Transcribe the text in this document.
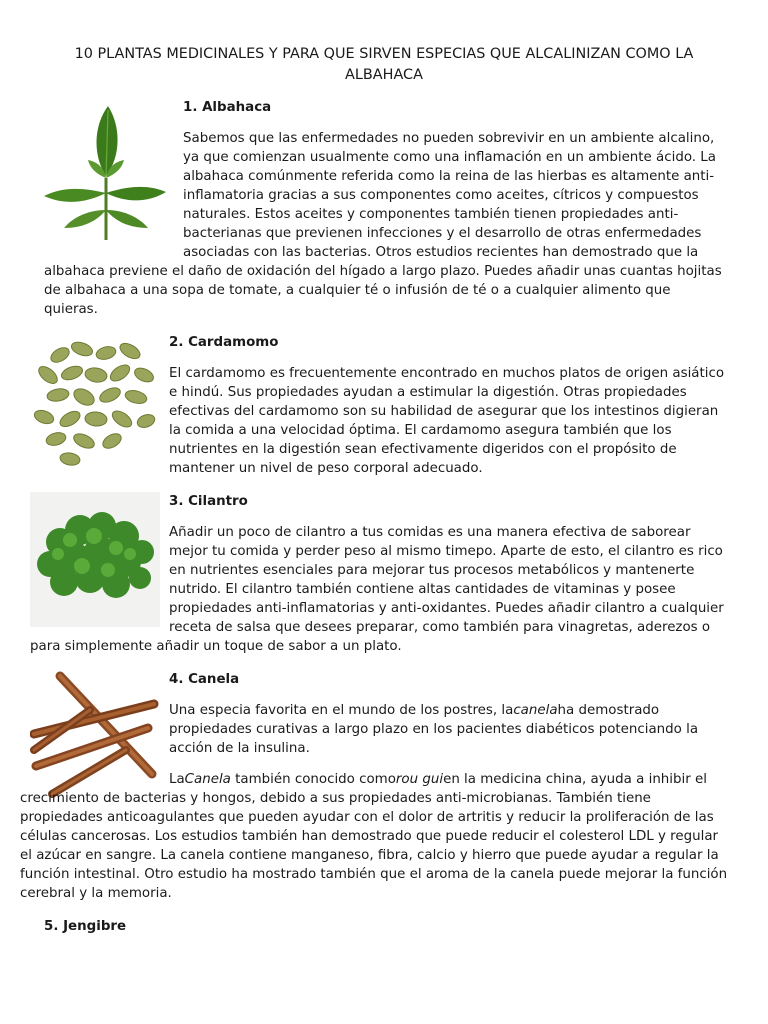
10 PLANTAS MEDICINALES Y PARA QUE SIRVEN ESPECIAS QUE ALCALINIZAN COMO LA ALBAHACA
1. Albahaca

Sabemos que las enfermedades no pueden sobrevivir en un ambiente alcalino, ya que comienzan usualmente como una inflamación en un ambiente ácido. La albahaca comúnmente referida como la reina de las hierbas es altamente anti-inflamatoria gracias a sus componentes como aceites, cítricos y compuestos naturales. Estos aceites y componentes también tienen propiedades anti-bacterianas que previenen infecciones y el desarrollo de otras enfermedades asociadas con las bacterias. Otros estudios recientes han demostrado que la albahaca previene el daño de oxidación del hígado a largo plazo. Puedes añadir unas cuantas hojitas de albahaca a una sopa de tomate, a cualquier té o infusión de té o a cualquier alimento que quieras.

2. Cardamomo

El cardamomo es frecuentemente encontrado en muchos platos de origen asiático e hindú. Sus propiedades ayudan a estimular la digestión. Otras propiedades efectivas del cardamomo son su habilidad de asegurar que los intestinos digieran la comida a una velocidad óptima. El cardamomo asegura también que los nutrientes en la digestión sean efectivamente digeridos con el propósito de mantener un nivel de peso corporal adecuado.

3. Cilantro

Añadir un poco de cilantro a tus comidas es una manera efectiva de saborear mejor tu comida y perder peso al mismo timepo. Aparte de esto, el cilantro es rico en nutrientes esenciales para mejorar tus procesos metabólicos y mantenerte nutrido. El cilantro también contiene altas cantidades de vitaminas y posee propiedades anti-inflamatorias y anti-oxidantes. Puedes añadir cilantro a cualquier receta de salsa que desees preparar, como también para vinagretas, aderezos o para simplemente añadir un toque de sabor a un plato.

4. Canela

Una especia favorita en el mundo de los postres, lacanelaha demostrado propiedades curativas a largo plazo en los pacientes diabéticos potenciando la acción de la insulina.

LaCanela también conocido comorou guien la medicina china, ayuda a inhibir el crecimiento de bacterias y hongos, debido a sus propiedades anti-microbianas. También tiene propiedades anticoagulantes que pueden ayudar con el dolor de artritis y reducir la proliferación de las células cancerosas. Los estudios también han demostrado que puede reducir el colesterol LDL y regular el azúcar en sangre. La canela contiene manganeso, fibra, calcio y hierro que puede ayudar a regular la función intestinal. Otro estudio ha mostrado también que el aroma de la canela puede mejorar la función cerebral y la memoria.

5. Jengibre
